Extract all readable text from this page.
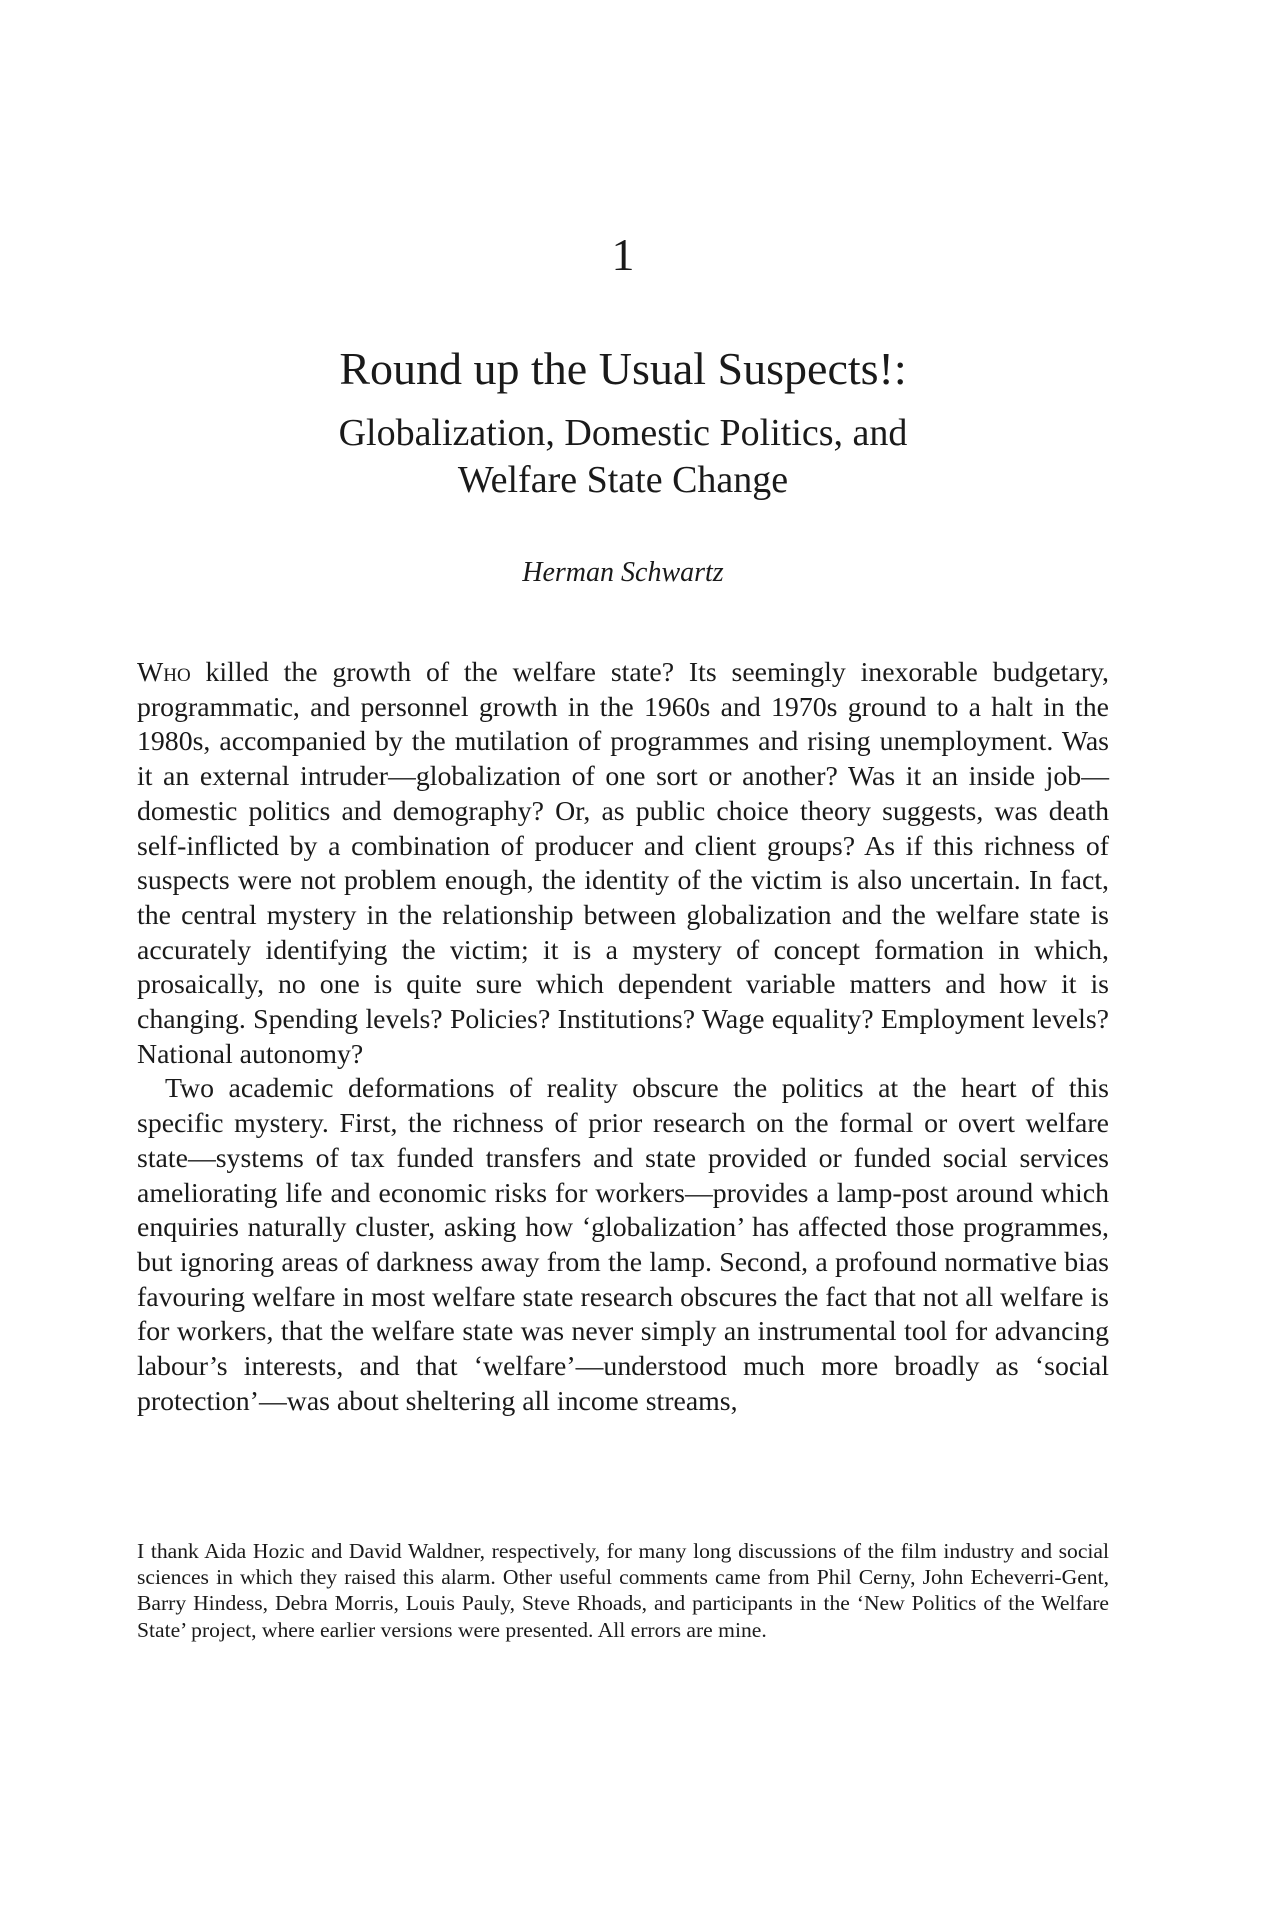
1
Round up the Usual Suspects!:
Globalization, Domestic Politics, and
Welfare State Change
Herman Schwartz

Who killed the growth of the welfare state? Its seemingly inexorable budgetary, programmatic, and personnel growth in the 1960s and 1970s ground to a halt in the 1980s, accompanied by the mutilation of programmes and rising unemployment. Was it an external intruder—globalization of one sort or another? Was it an inside job—domestic politics and demography? Or, as public choice theory suggests, was death self-inflicted by a combination of producer and client groups? As if this richness of suspects were not problem enough, the identity of the victim is also uncertain. In fact, the central mystery in the relationship between globalization and the welfare state is accurately identifying the victim; it is a mystery of concept formation in which, prosaically, no one is quite sure which dependent variable matters and how it is changing. Spending levels? Policies? Institutions? Wage equality? Employment levels? National autonomy?

Two academic deformations of reality obscure the politics at the heart of this specific mystery. First, the richness of prior research on the formal or overt welfare state—systems of tax funded transfers and state provided or funded social services ameliorating life and economic risks for workers—provides a lamp-post around which enquiries naturally cluster, asking how ‘globalization’ has affected those programmes, but ignoring areas of darkness away from the lamp. Second, a profound normative bias favouring welfare in most welfare state research obscures the fact that not all welfare is for workers, that the welfare state was never simply an instrumental tool for advancing labour’s interests, and that ‘welfare’—understood much more broadly as ‘social protection’—was about sheltering all income streams,

I thank Aida Hozic and David Waldner, respectively, for many long discussions of the film industry and social sciences in which they raised this alarm. Other useful comments came from Phil Cerny, John Echeverri-Gent, Barry Hindess, Debra Morris, Louis Pauly, Steve Rhoads, and participants in the ‘New Politics of the Welfare State’ project, where earlier versions were presented. All errors are mine.
